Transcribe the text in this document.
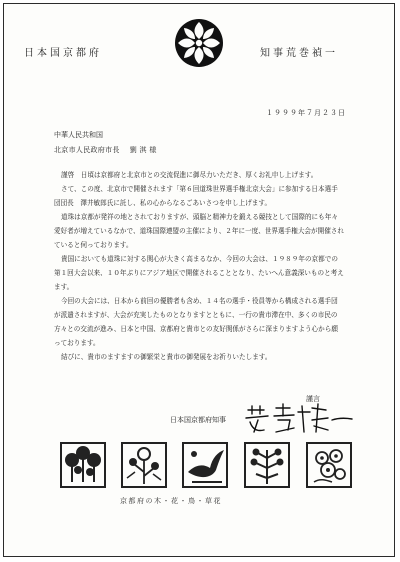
日本国京都府	知事荒巻禎一
１９９９年７月２３日
中華人民共和国
北京市人民政府市長 劉 淇 様

謹啓　日頃は京都府と北京市との交流促進に御尽力いただき、厚くお礼申し上げます。

さて、この度、北京市で開催されます「第６回道珠世界選手権北京大会」に参加する日本選手団団長　澤井敏郎氏に託し、私の心からなるごあいさつを申し上げます。

道珠は京都が発祥の地とされておりますが、頭脳と精神力を鍛える競技として国際的にも年々愛好者が増えているなかで、道珠国際連盟の主催により、２年に一度、世界選手権大会が開催されていると伺っております。

貴国においても道珠に対する関心が大きく高まるなか、今回の大会は、１９８９年の京都での第１回大会以来、１０年ぶりにアジア地区で開催されることとなり、たいへん意義深いものと考えます。

今回の大会には、日本から前回の優勝者も含め、１４名の選手・役員等から構成される選手団が派遣されますが、大会が充実したものとなりますとともに、一行の貴市滞在中、多くの市民の方々との交流が進み、日本と中国、京都府と貴市との友好関係がさらに深まりますよう心から願っております。

結びに、貴市のますますの御繁栄と貴市の御発展をお祈りいたします。

謹言
日本国京都府知事
京都府の木・花・鳥・草花
